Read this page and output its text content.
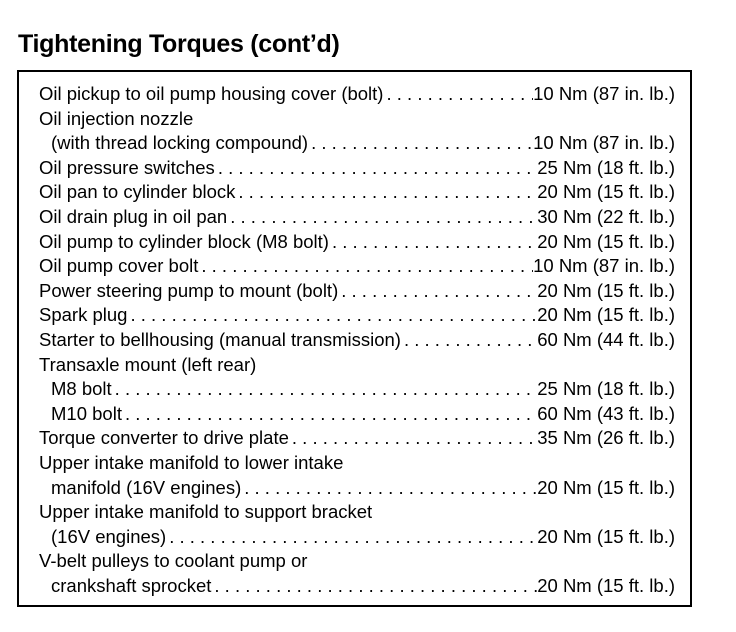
Tightening Torques (cont’d)
Oil pickup to oil pump housing cover (bolt) . . .	10 Nm (87 in. lb.)
Oil injection nozzle
(with thread locking compound) . . .	10 Nm (87 in. lb.)
Oil pressure switches . . .	25 Nm (18 ft. lb.)
Oil pan to cylinder block . . .	20 Nm (15 ft. lb.)
Oil drain plug in oil pan . . .	30 Nm (22 ft. lb.)
Oil pump to cylinder block (M8 bolt) . . .	20 Nm (15 ft. lb.)
Oil pump cover bolt . . .	10 Nm (87 in. lb.)
Power steering pump to mount (bolt) . . .	20 Nm (15 ft. lb.)
Spark plug . . .	20 Nm (15 ft. lb.)
Starter to bellhousing (manual transmission) . . .	60 Nm (44 ft. lb.)
Transaxle mount (left rear)
M8 bolt . . .	25 Nm (18 ft. lb.)
M10 bolt . . .	60 Nm (43 ft. lb.)
Torque converter to drive plate . . .	35 Nm (26 ft. lb.)
Upper intake manifold to lower intake
manifold (16V engines) . . .	20 Nm (15 ft. lb.)
Upper intake manifold to support bracket
(16V engines) . . .	20 Nm (15 ft. lb.)
V-belt pulleys to coolant pump or
crankshaft sprocket . . .	20 Nm (15 ft. lb.)
